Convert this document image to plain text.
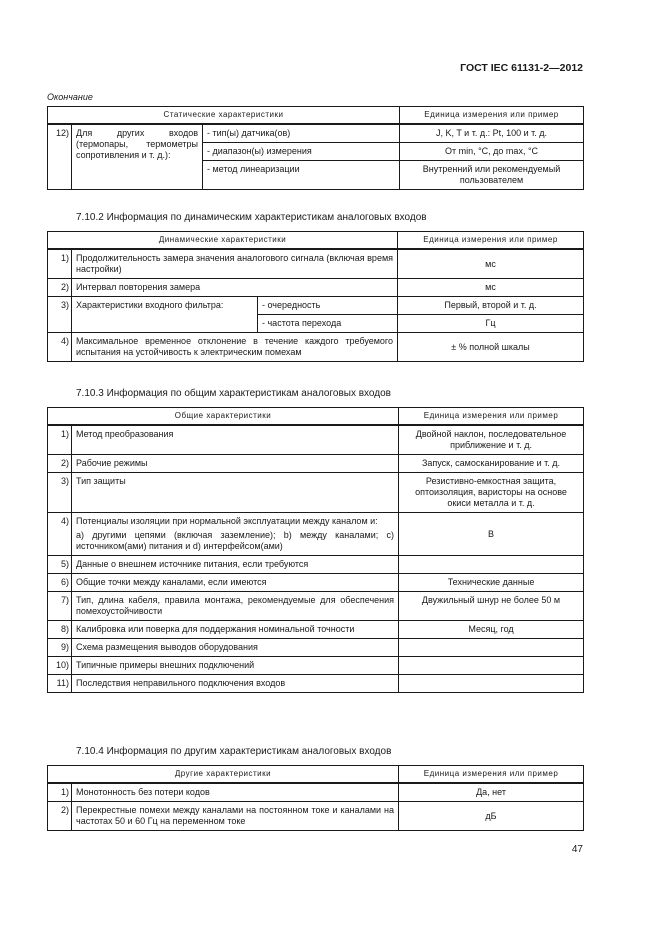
ГОСТ IEC 61131-2—2012
Окончание
Статические характеристики			Единица измерения или пример
12)	Для других входов (термопары, термометры сопротивления и т. д.):	- тип(ы) датчика(ов)	J, K, T и т. д.: Pt, 100 и т. д.
		- диапазон(ы) измерения	От min, °C, до max, °C
		- метод линеаризации	Внутренний или рекомендуемый пользователем
7.10.2 Информация по динамическим характеристикам аналоговых входов
Динамические характеристики			Единица измерения или пример
1)	Продолжительность замера значения аналогового сигнала (включая время настройки)		мс
2)	Интервал повторения замера		мс
3)	Характеристики входного фильтра:	- очередность	Первый, второй и т. д.
		- частота перехода	Гц
4)	Максимальное временное отклонение в течение каждого требуемого испытания на устойчивость к электрическим помехам		± % полной шкалы
7.10.3 Информация по общим характеристикам аналоговых входов
Общие характеристики		Единица измерения или пример
1)	Метод преобразования	Двойной наклон, последовательное приближение и т. д.
2)	Рабочие режимы	Запуск, самосканирование и т. д.
3)	Тип защиты	Резистивно-емкостная защита, оптоизоляция, варисторы на основе окиси металла и т. д.
4)	Потенциалы изоляции при нормальной эксплуатации между каналом и:
a) другими цепями (включая заземление); b) между каналами; c) источником(ами) питания и d) интерфейсом(ами)	В
5)	Данные о внешнем источнике питания, если требуются	
6)	Общие точки между каналами, если имеются	Технические данные
7)	Тип, длина кабеля, правила монтажа, рекомендуемые для обеспечения помехоустойчивости	Двужильный шнур не более 50 м
8)	Калибровка или поверка для поддержания номинальной точности	Месяц, год
9)	Схема размещения выводов оборудования	
10)	Типичные примеры внешних подключений	
11)	Последствия неправильного подключения входов	
7.10.4 Информация по другим характеристикам аналоговых входов
Другие характеристики		Единица измерения или пример
1)	Монотонность без потери кодов	Да, нет
2)	Перекрестные помехи между каналами на постоянном токе и каналами на частотах 50 и 60 Гц на переменном токе	дБ
47
